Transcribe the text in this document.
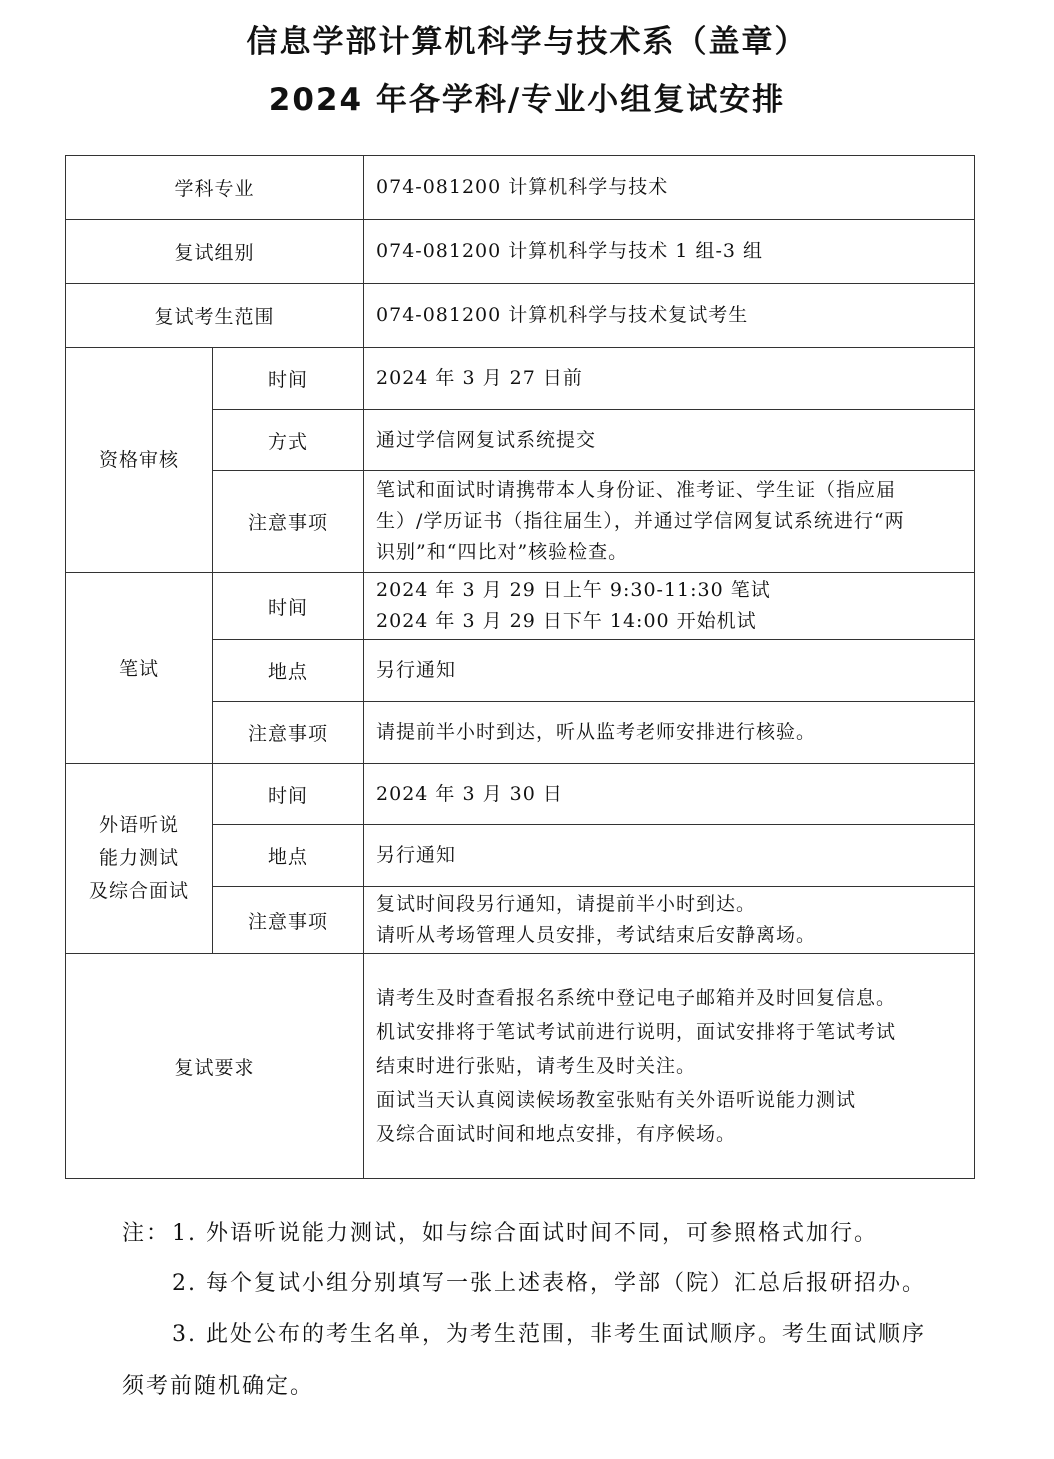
信息学部计算机科学与技术系（盖章）
2024 年各学科/专业小组复试安排
学科专业		074-081200 计算机科学与技术
复试组别		074-081200 计算机科学与技术 1 组-3 组
复试考生范围		074-081200 计算机科学与技术复试考生
资格审核	时间	2024 年 3 月 27 日前
	方式	通过学信网复试系统提交
	注意事项	笔试和面试时请携带本人身份证、准考证、学生证（指应届
生）/学历证书（指往届生），并通过学信网复试系统进行“两
识别”和“四比对”核验检查。

笔试	时间	2024 年 3 月 29 日上午 9:30-11:30 笔试
2024 年 3 月 29 日下午 14:00 开始机试

	地点	另行通知
	注意事项	请提前半小时到达，听从监考老师安排进行核验。

外语听说
能力测试
及综合面试	时间	2024 年 3 月 30 日
	地点	另行通知
	注意事项	复试时间段另行通知，请提前半小时到达。
请听从考场管理人员安排，考试结束后安静离场。

复试要求		请考生及时查看报名系统中登记电子邮箱并及时回复信息。
机试安排将于笔试考试前进行说明，面试安排将于笔试考试
结束时进行张贴，请考生及时关注。
面试当天认真阅读候场教室张贴有关外语听说能力测试
及综合面试时间和地点安排，有序候场。
注： 1. 外语听说能力测试，如与综合面试时间不同，可参照格式加行。
2. 每个复试小组分别填写一张上述表格，学部（院）汇总后报研招办。
3. 此处公布的考生名单，为考生范围，非考生面试顺序。考生面试顺序
须考前随机确定。
